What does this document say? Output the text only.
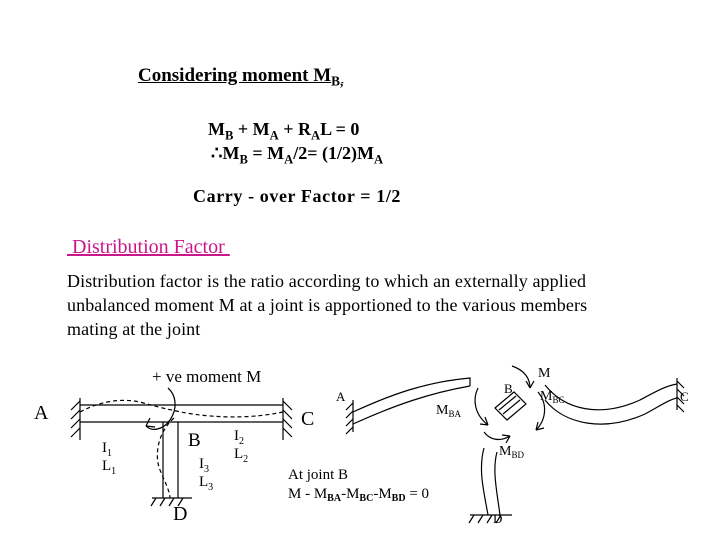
Considering moment $M_{B,}$
$M_B + M_A + R_AL = 0$
$\therefore M_B = M_A/2= (1/2)M_A$
Carry - over Factor = 1/2
Distribution Factor
Distribution factor is the ratio according to which an externally applied
unbalanced moment M at a joint is apportioned to the various members
mating at the joint
+ ve moment M
A
B
C
D
$I_1$
$L_1$
$I_2$
$L_2$
$I_3$
$L_3$
A
B
C
D
M
$M_{BC}$
$M_{BA}$
$M_{BD}$
At joint B
$M - M_{BA}-M_{BC}-M_{BD} = 0$
